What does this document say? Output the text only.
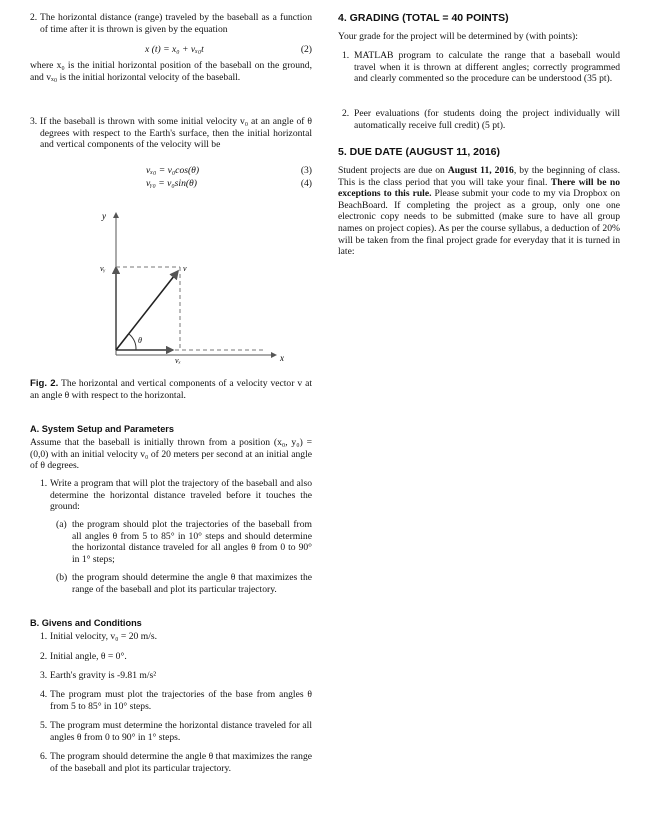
2. The horizontal distance (range) traveled by the baseball as a function of time after it is thrown is given by the equation
x (t) = x₀ + vₓ₀t	(2)
where x₀ is the initial horizontal position of the baseball on the ground, and vₓ₀ is the initial horizontal velocity of the baseball.
3. If the baseball is thrown with some initial velocity v₀ at an angle of θ degrees with respect to the Earth's surface, then the initial horizontal and vertical components of the velocity will be
vₓ₀ = v₀cos(θ)	(3)
vᵧ₀ = v₀sin(θ)	(4)
y
x
vᵧ
vₓ
v
θ
Fig. 2. The horizontal and vertical components of a velocity vector v at an angle θ with respect to the horizontal.
A. System Setup and Parameters
Assume that the baseball is initially thrown from a position (x₀, y₀) = (0,0) with an initial velocity v₀ of 20 meters per second at an initial angle of θ degrees.
1. Write a program that will plot the trajectory of the baseball and also determine the horizontal distance traveled before it touches the ground:
(a) the program should plot the trajectories of the baseball from all angles θ from 5 to 85° in 10° steps and should determine the horizontal distance traveled for all angles θ from 0 to 90° in 1° steps;
(b) the program should determine the angle θ that maximizes the range of the baseball and plot its particular trajectory.
B. Givens and Conditions
1. Initial velocity, v₀ = 20 m/s.
2. Initial angle, θ = 0°.
3. Earth's gravity is -9.81 m/s²
4. The program must plot the trajectories of the base from angles θ from 5 to 85° in 10° steps.
5. The program must determine the horizontal distance traveled for all angles θ from 0 to 90° in 1° steps.
6. The program should determine the angle θ that maximizes the range of the baseball and plot its particular trajectory.
4. GRADING (TOTAL = 40 POINTS)
Your grade for the project will be determined by (with points):
1. MATLAB program to calculate the range that a baseball would travel when it is thrown at different angles; correctly programmed and clearly commented so the procedure can be understood (35 pt).
2. Peer evaluations (for students doing the project individually will automatically receive full credit) (5 pt).
5. DUE DATE (AUGUST 11, 2016)
Student projects are due on August 11, 2016, by the beginning of class. This is the class period that you will take your final. There will be no exceptions to this rule. Please submit your code to my via Dropbox on BeachBoard. If completing the project as a group, only one one electronic copy needs to be submitted (make sure to have all group names on project copies). As per the course syllabus, a deduction of 20% will be taken from the final project grade for everyday that it is turned in late:
